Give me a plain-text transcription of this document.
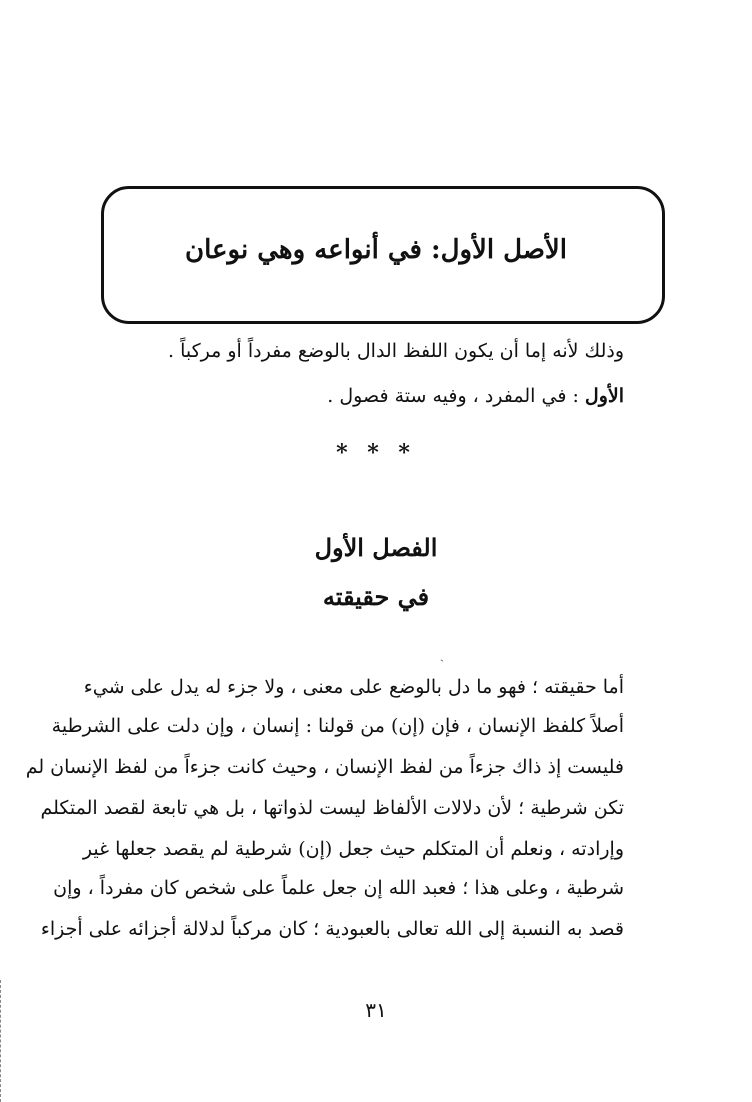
الأصل الأول: في أنواعه وهي نوعان
وذلك لأنه إما أن يكون اللفظ الدال بالوضع مفرداً أو مركباً .
الأول : في المفرد ، وفيه ستة فصول .
* * *
الفصل الأول
في حقيقته
ˏ
أما حقيقته ؛ فهو ما دل بالوضع على معنى ، ولا جزء له يدل على شيء
أصلاً كلفظ الإنسان ، فإن (إن) من قولنا : إنسان ، وإن دلت على الشرطية
فليست إذ ذاك جزءاً من لفظ الإنسان ، وحيث كانت جزءاً من لفظ الإنسان لم
تكن شرطية ؛ لأن دلالات الألفاظ ليست لذواتها ، بل هي تابعة لقصد المتكلم
وإرادته ، ونعلم أن المتكلم حيث جعل (إن) شرطية لم يقصد جعلها غير
شرطية ، وعلى هذا ؛ فعبد الله إن جعل علماً على شخص كان مفرداً ، وإن
قصد به النسبة إلى الله تعالى بالعبودية ؛ كان مركباً لدلالة أجزائه على أجزاء
٣١
